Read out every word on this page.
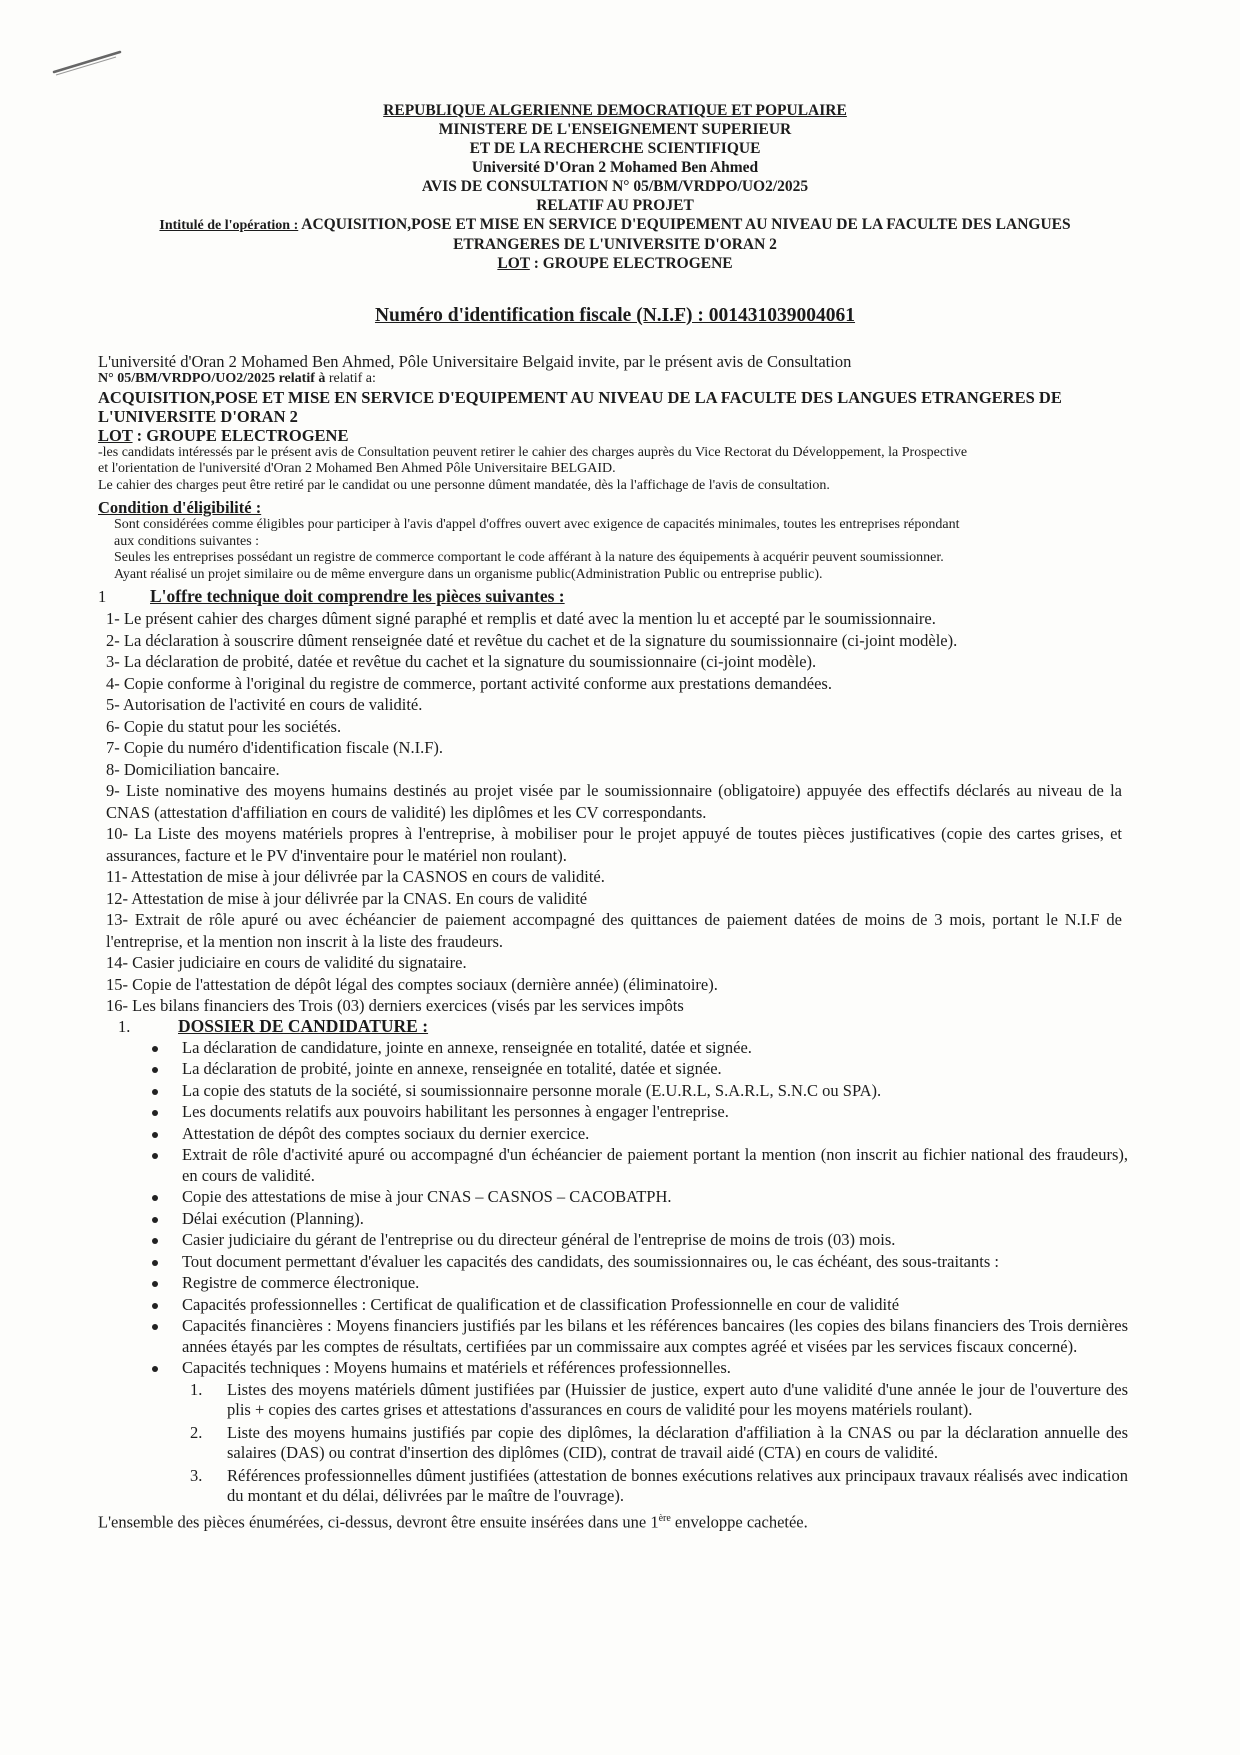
REPUBLIQUE ALGERIENNE DEMOCRATIQUE ET POPULAIRE
MINISTERE DE L'ENSEIGNEMENT SUPERIEUR
ET DE LA RECHERCHE SCIENTIFIQUE
Université D'Oran 2 Mohamed Ben Ahmed
AVIS DE CONSULTATION N° 05/BM/VRDPO/UO2/2025
RELATIF AU PROJET
Intitulé de l'opération : ACQUISITION,POSE ET MISE EN SERVICE D'EQUIPEMENT AU NIVEAU DE LA FACULTE DES LANGUES
ETRANGERES DE L'UNIVERSITE D'ORAN 2
LOT : GROUPE ELECTROGENE
Numéro d'identification fiscale (N.I.F) : 001431039004061
L'université d'Oran 2 Mohamed Ben Ahmed, Pôle Universitaire Belgaid invite, par le présent avis de Consultation
N° 05/BM/VRDPO/UO2/2025 relatif à relatif a:
ACQUISITION,POSE ET MISE EN SERVICE D'EQUIPEMENT AU NIVEAU DE LA FACULTE DES LANGUES ETRANGERES DE
L'UNIVERSITE D'ORAN 2
LOT : GROUPE ELECTROGENE
-les candidats intéressés par le présent avis de Consultation peuvent retirer le cahier des charges auprès du Vice Rectorat du Développement, la Prospective
et l'orientation de l'université d'Oran 2 Mohamed Ben Ahmed Pôle Universitaire BELGAID.
Le cahier des charges peut être retiré par le candidat ou une personne dûment mandatée, dès la l'affichage de l'avis de consultation.
Condition d'éligibilité :
Sont considérées comme éligibles pour participer à l'avis d'appel d'offres ouvert avec exigence de capacités minimales, toutes les entreprises répondant
aux conditions suivantes :
Seules les entreprises possédant un registre de commerce comportant le code afférant à la nature des équipements à acquérir peuvent soumissionner.
Ayant réalisé un projet similaire ou de même envergure dans un organisme public(Administration Public ou entreprise public).
1	L'offre technique doit comprendre les pièces suivantes :
1- Le présent cahier des charges dûment signé paraphé et remplis et daté avec la mention lu et accepté par le soumissionnaire.
2- La déclaration à souscrire dûment renseignée daté et revêtue du cachet et de la signature du soumissionnaire (ci-joint modèle).
3- La déclaration de probité, datée et revêtue du cachet et la signature du soumissionnaire (ci-joint modèle).
4- Copie conforme à l'original du registre de commerce, portant activité conforme aux prestations demandées.
5- Autorisation de l'activité en cours de validité.
6- Copie du statut pour les sociétés.
7- Copie du numéro d'identification fiscale (N.I.F).
8- Domiciliation bancaire.
9- Liste nominative des moyens humains destinés au projet visée par le soumissionnaire (obligatoire) appuyée des effectifs déclarés au niveau de la CNAS (attestation d'affiliation en cours de validité) les diplômes et les CV correspondants.
10- La Liste des moyens matériels propres à l'entreprise, à mobiliser pour le projet appuyé de toutes pièces justificatives (copie des cartes grises, et assurances, facture et le PV d'inventaire pour le matériel non roulant).
11- Attestation de mise à jour délivrée par la CASNOS en cours de validité.
12- Attestation de mise à jour délivrée par la CNAS. En cours de validité
13- Extrait de rôle apuré ou avec échéancier de paiement accompagné des quittances de paiement datées de moins de 3 mois, portant le N.I.F de l'entreprise, et la mention non inscrit à la liste des fraudeurs.
14- Casier judiciaire en cours de validité du signataire.
15- Copie de l'attestation de dépôt légal des comptes sociaux (dernière année) (éliminatoire).
16- Les bilans financiers des Trois (03) derniers exercices (visés par les services impôts
1.	DOSSIER DE CANDIDATURE :
La déclaration de candidature, jointe en annexe, renseignée en totalité, datée et signée.
La déclaration de probité, jointe en annexe, renseignée en totalité, datée et signée.
La copie des statuts de la société, si soumissionnaire personne morale (E.U.R.L, S.A.R.L, S.N.C ou SPA).
Les documents relatifs aux pouvoirs habilitant les personnes à engager l'entreprise.
Attestation de dépôt des comptes sociaux du dernier exercice.
Extrait de rôle d'activité apuré ou accompagné d'un échéancier de paiement portant la mention (non inscrit au fichier national des fraudeurs), en cours de validité.
Copie des attestations de mise à jour CNAS – CASNOS – CACOBATPH.
Délai exécution (Planning).
Casier judiciaire du gérant de l'entreprise ou du directeur général de l'entreprise de moins de trois (03) mois.
Tout document permettant d'évaluer les capacités des candidats, des soumissionnaires ou, le cas échéant, des sous-traitants :
Registre de commerce électronique.
Capacités professionnelles : Certificat de qualification et de classification Professionnelle en cour de validité
Capacités financières : Moyens financiers justifiés par les bilans et les références bancaires (les copies des bilans financiers des Trois dernières années étayés par les comptes de résultats, certifiées par un commissaire aux comptes agréé et visées par les services fiscaux concerné).
Capacités techniques : Moyens humains et matériels et références professionnelles.
1. Listes des moyens matériels dûment justifiées par (Huissier de justice, expert auto d'une validité d'une année le jour de l'ouverture des plis + copies des cartes grises et attestations d'assurances en cours de validité pour les moyens matériels roulant).
2. Liste des moyens humains justifiés par copie des diplômes, la déclaration d'affiliation à la CNAS ou par la déclaration annuelle des salaires (DAS) ou contrat d'insertion des diplômes (CID), contrat de travail aidé (CTA) en cours de validité.
3. Références professionnelles dûment justifiées (attestation de bonnes exécutions relatives aux principaux travaux réalisés avec indication du montant et du délai, délivrées par le maître de l'ouvrage).
L'ensemble des pièces énumérées, ci-dessus, devront être ensuite insérées dans une 1ère enveloppe cachetée.
